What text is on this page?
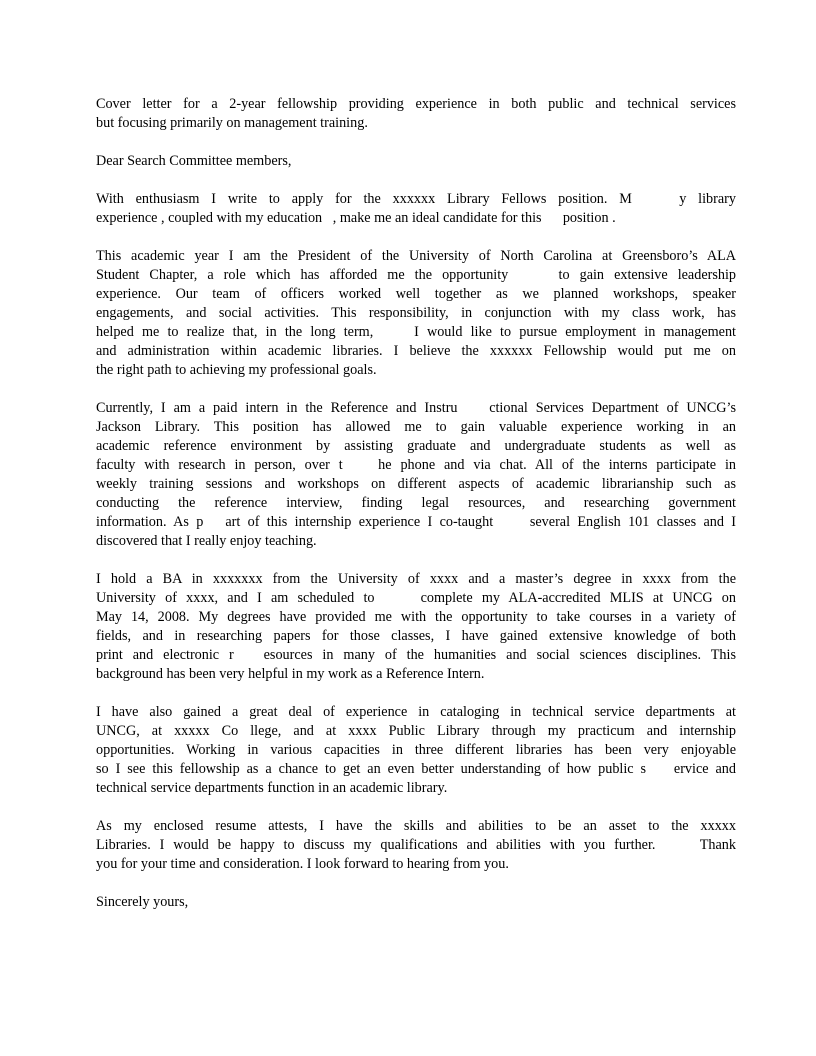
Cover letter for a 2-year fellowship providing experience in both public and technical services
but focusing primarily on management training.
Dear Search Committee members,
With enthusiasm I write to apply for the xxxxxx Library Fellows position. M    y library
experience , coupled with my education   , make me an ideal candidate for this      position .
This academic year I am the President of the University of North Carolina at Greensboro’s ALA
Student Chapter, a role which has afforded me the opportunity     to gain extensive leadership
experience. Our team of officers worked well together as we planned workshops, speaker
engagements, and social activities. This responsibility, in conjunction with my class work, has
helped me to realize that, in the long term,     I would like to pursue employment in management
and administration within academic libraries. I believe the xxxxxx Fellowship would put me on
the right path to achieving my professional goals.
Currently, I am a paid intern in the Reference and Instru    ctional Services Department of UNCG’s
Jackson Library. This position has allowed me to gain valuable experience working in an
academic reference environment by assisting graduate and undergraduate students as well as
faculty with research in person, over t    he phone and via chat. All of the interns participate in
weekly training sessions and workshops on different aspects of academic librarianship such as
conducting the reference interview, finding legal resources, and researching government
information. As p   art of this internship experience I co-taught     several English 101 classes and I
discovered that I really enjoy teaching.
I hold a BA in xxxxxxx from the University of xxxx and a master’s degree in xxxx from the
University of xxxx, and I am scheduled to     complete my ALA-accredited MLIS at UNCG on
May 14, 2008. My degrees have provided me with the opportunity to take courses in a variety of
fields, and in researching papers for those classes, I have gained extensive knowledge of both
print and electronic r   esources in many of the humanities and social sciences disciplines. This
background has been very helpful in my work as a Reference Intern.
I have also gained a great deal of experience in cataloging in technical service departments at
UNCG, at xxxxx Co llege, and at xxxx Public Library through my practicum and internship
opportunities. Working in various capacities in three different libraries has been very enjoyable
so I see this fellowship as a chance to get an even better understanding of how public s    ervice and
technical service departments function in an academic library.
As my enclosed resume attests, I have the skills and abilities to be an asset to the xxxxx
Libraries. I would be happy to discuss my qualifications and abilities with you further.     Thank
you for your time and consideration. I look forward to hearing from you.
Sincerely yours,
